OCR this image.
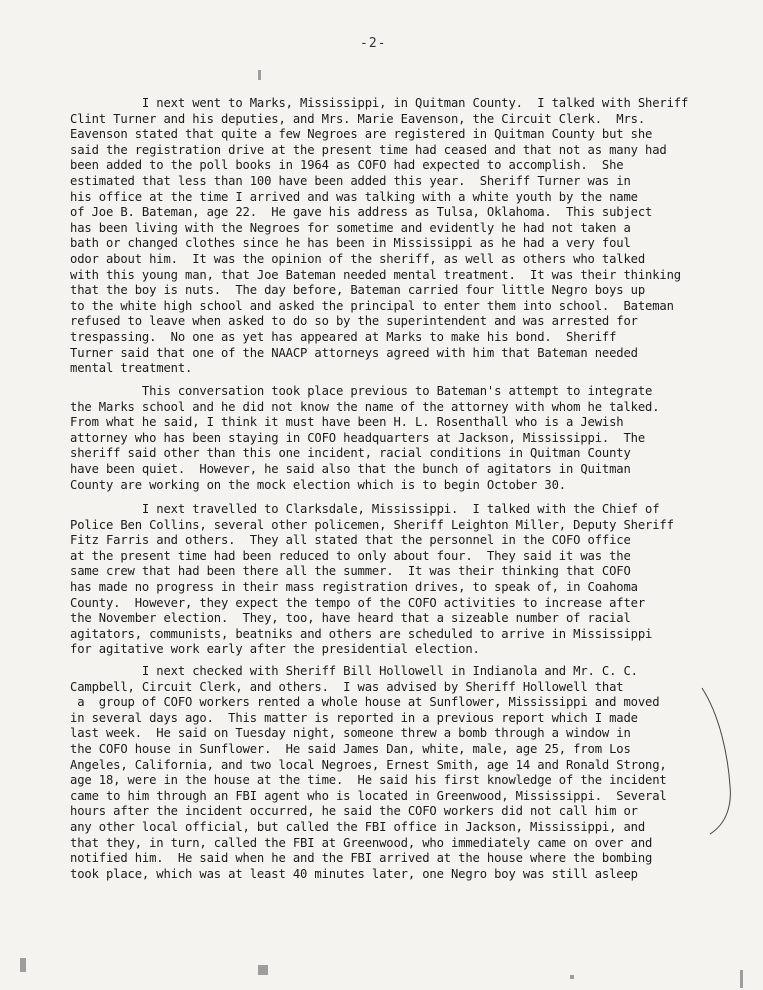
-2-
I next went to Marks, Mississippi, in Quitman County.  I talked with Sheriff
Clint Turner and his deputies, and Mrs. Marie Eavenson, the Circuit Clerk.  Mrs.
Eavenson stated that quite a few Negroes are registered in Quitman County but she
said the registration drive at the present time had ceased and that not as many had
been added to the poll books in 1964 as COFO had expected to accomplish.  She
estimated that less than 100 have been added this year.  Sheriff Turner was in
his office at the time I arrived and was talking with a white youth by the name
of Joe B. Bateman, age 22.  He gave his address as Tulsa, Oklahoma.  This subject
has been living with the Negroes for sometime and evidently he had not taken a
bath or changed clothes since he has been in Mississippi as he had a very foul
odor about him.  It was the opinion of the sheriff, as well as others who talked
with this young man, that Joe Bateman needed mental treatment.  It was their thinking
that the boy is nuts.  The day before, Bateman carried four little Negro boys up
to the white high school and asked the principal to enter them into school.  Bateman
refused to leave when asked to do so by the superintendent and was arrested for
trespassing.  No one as yet has appeared at Marks to make his bond.  Sheriff
Turner said that one of the NAACP attorneys agreed with him that Bateman needed
mental treatment.
This conversation took place previous to Bateman's attempt to integrate
the Marks school and he did not know the name of the attorney with whom he talked.
From what he said, I think it must have been H. L. Rosenthall who is a Jewish
attorney who has been staying in COFO headquarters at Jackson, Mississippi.  The
sheriff said other than this one incident, racial conditions in Quitman County
have been quiet.  However, he said also that the bunch of agitators in Quitman
County are working on the mock election which is to begin October 30.
I next travelled to Clarksdale, Mississippi.  I talked with the Chief of
Police Ben Collins, several other policemen, Sheriff Leighton Miller, Deputy Sheriff
Fitz Farris and others.  They all stated that the personnel in the COFO office
at the present time had been reduced to only about four.  They said it was the
same crew that had been there all the summer.  It was their thinking that COFO
has made no progress in their mass registration drives, to speak of, in Coahoma
County.  However, they expect the tempo of the COFO activities to increase after
the November election.  They, too, have heard that a sizeable number of racial
agitators, communists, beatniks and others are scheduled to arrive in Mississippi
for agitative work early after the presidential election.
I next checked with Sheriff Bill Hollowell in Indianola and Mr. C. C.
Campbell, Circuit Clerk, and others.  I was advised by Sheriff Hollowell that
a  group of COFO workers rented a whole house at Sunflower, Mississippi and moved
in several days ago.  This matter is reported in a previous report which I made
last week.  He said on Tuesday night, someone threw a bomb through a window in
the COFO house in Sunflower.  He said James Dan, white, male, age 25, from Los
Angeles, California, and two local Negroes, Ernest Smith, age 14 and Ronald Strong,
age 18, were in the house at the time.  He said his first knowledge of the incident
came to him through an FBI agent who is located in Greenwood, Mississippi.  Several
hours after the incident occurred, he said the COFO workers did not call him or
any other local official, but called the FBI office in Jackson, Mississippi, and
that they, in turn, called the FBI at Greenwood, who immediately came on over and
notified him.  He said when he and the FBI arrived at the house where the bombing
took place, which was at least 40 minutes later, one Negro boy was still asleep
